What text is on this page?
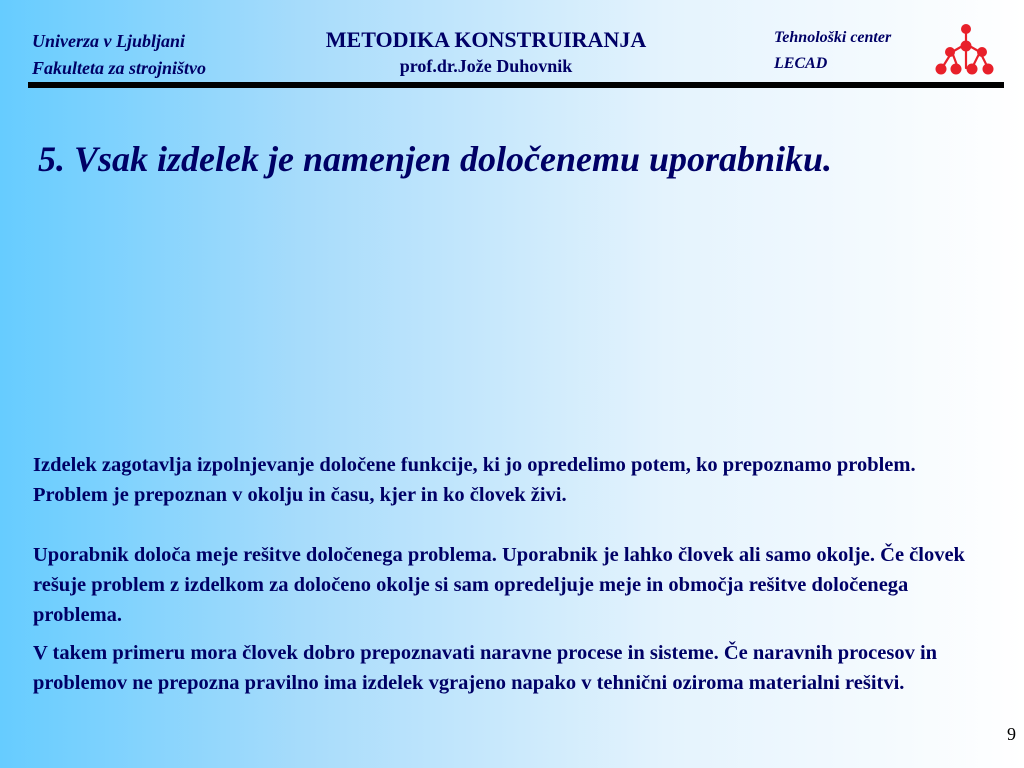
Univerza v Ljubljani
Fakulteta za strojništvo
METODIKA KONSTRUIRANJA
prof.dr.Jože Duhovnik
Tehnološki center
LECAD
5. Vsak izdelek je namenjen določenemu uporabniku.

Izdelek zagotavlja izpolnjevanje določene funkcije, ki jo opredelimo potem, ko prepoznamo problem. Problem je prepoznan v okolju in času, kjer in ko človek živi.

Uporabnik določa meje rešitve določenega problema. Uporabnik je lahko človek ali samo okolje. Če človek rešuje problem z izdelkom za določeno okolje si sam opredeljuje meje in območja rešitve določenega problema.

V takem primeru mora človek dobro prepoznavati naravne procese in sisteme. Če naravnih procesov in problemov ne prepozna pravilno ima izdelek vgrajeno napako v tehnični oziroma materialni rešitvi.

9
